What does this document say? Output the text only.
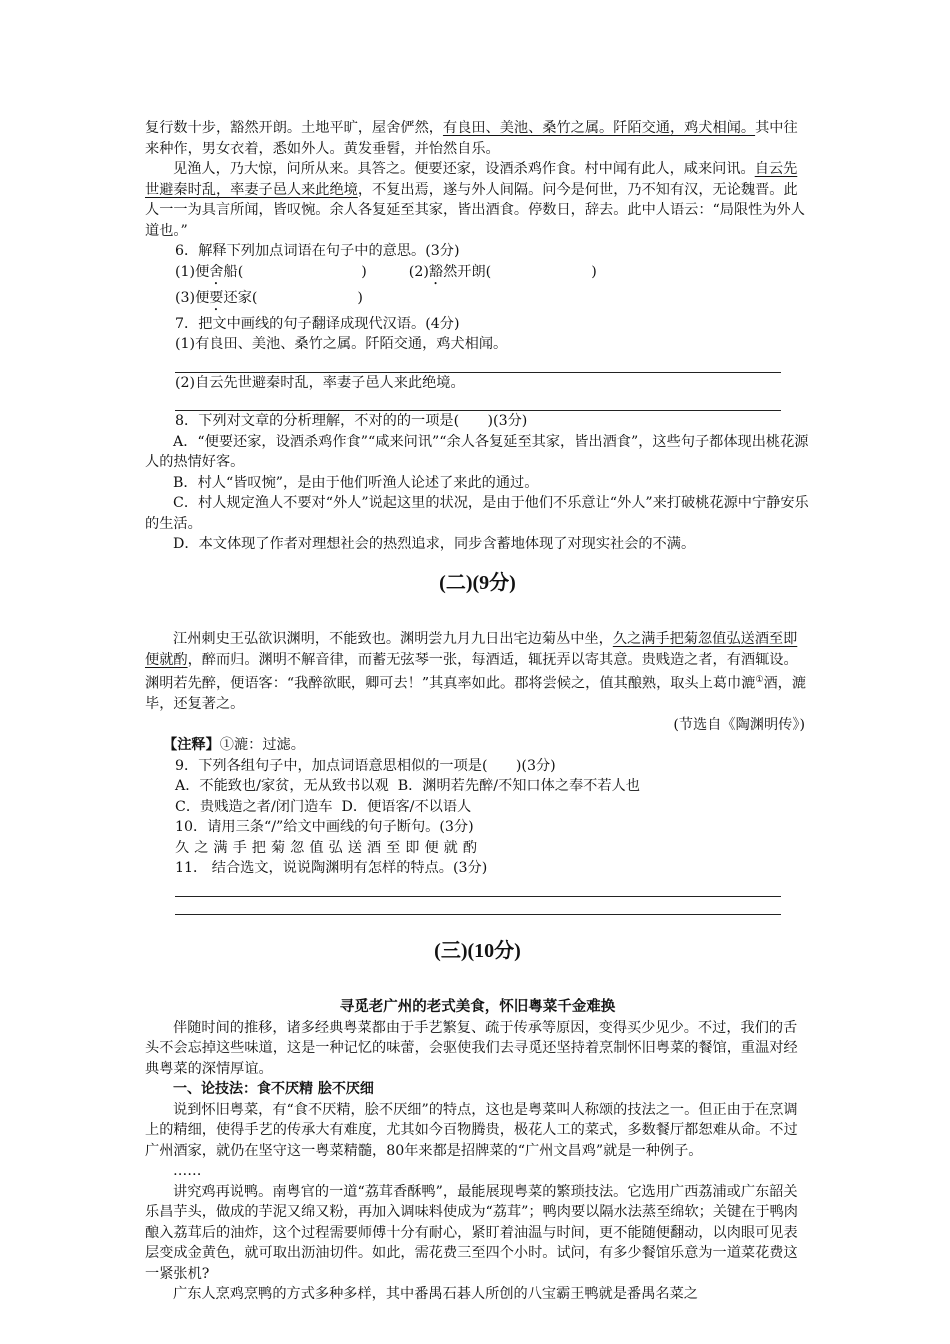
复行数十步，豁然开朗。土地平旷，屋舍俨然，有良田、美池、桑竹之属。阡陌交通，鸡犬相闻。其中往来种作，男女衣着，悉如外人。黄发垂髫，并怡然自乐。

见渔人，乃大惊，问所从来。具答之。便要还家，设酒杀鸡作食。村中闻有此人，咸来问讯。自云先世避秦时乱，率妻子邑人来此绝境，不复出焉，遂与外人间隔。问今是何世，乃不知有汉，无论魏晋。此人一一为具言所闻，皆叹惋。余人各复延至其家，皆出酒食。停数日，辞去。此中人语云：“局限性为外人道也。”

6．解释下列加点词语在句子中的意思。(3分)

(1)便舍船(	)	(2)豁然开朗(	)

(3)便要还家(	)

7．把文中画线的句子翻译成现代汉语。(4分)

(1)有良田、美池、桑竹之属。阡陌交通，鸡犬相闻。

(2)自云先世避秦时乱，率妻子邑人来此绝境。

8．下列对文章的分析理解，不对的的一项是(　　)(3分)

A．“便要还家，设酒杀鸡作食”“咸来问讯”“余人各复延至其家，皆出酒食”，这些句子都体现出桃花源人的热情好客。

B．村人“皆叹惋”，是由于他们听渔人论述了来此的通过。

C．村人规定渔人不要对“外人”说起这里的状况，是由于他们不乐意让“外人”来打破桃花源中宁静安乐的生活。

D．本文体现了作者对理想社会的热烈追求，同步含蓄地体现了对现实社会的不满。

(二)(9分)

江州刺史王弘欲识渊明，不能致也。渊明尝九月九日出宅边菊丛中坐，久之满手把菊忽值弘送酒至即便就酌，醉而归。渊明不解音律，而蓄无弦琴一张，每酒适，辄抚弄以寄其意。贵贱造之者，有酒辄设。渊明若先醉，便语客：“我醉欲眠，卿可去！”其真率如此。郡将尝候之，值其酿熟，取头上葛巾漉①酒，漉毕，还复著之。

(节选自《陶渊明传》)

【注释】①漉：过滤。

9．下列各组句子中，加点词语意思相似的一项是(　　)(3分)

A．不能致也/家贫，无从致书以观 B．渊明若先醉/不知口体之奉不若人也

C．贵贱造之者/闭门造车 D．便语客/不以语人

10．请用三条“/”给文中画线的句子断句。(3分)

久之满手把菊忽值弘送酒至即便就酌

11． 结合选文，说说陶渊明有怎样的特点。(3分)

(三)(10分)

寻觅老广州的老式美食，怀旧粤菜千金难换

伴随时间的推移，诸多经典粤菜都由于手艺繁复、疏于传承等原因，变得买少见少。不过，我们的舌头不会忘掉这些味道，这是一种记忆的味蕾，会驱使我们去寻觅还坚持着烹制怀旧粤菜的餐馆，重温对经典粤菜的深情厚谊。

一、论技法：食不厌精 脍不厌细

说到怀旧粤菜，有“食不厌精，脍不厌细”的特点，这也是粤菜叫人称颂的技法之一。但正由于在烹调上的精细，使得手艺的传承大有难度，尤其如今百物腾贵，极花人工的菜式，多数餐厅都恕难从命。不过广州酒家，就仍在坚守这一粤菜精髓，80年来都是招牌菜的“广州文昌鸡”就是一种例子。

……

讲究鸡再说鸭。南粤官的一道“荔茸香酥鸭”，最能展现粤菜的繁琐技法。它选用广西荔浦或广东韶关乐昌芋头，做成的芋泥又绵又粉，再加入调味料使成为“荔茸”；鸭肉要以隔水法蒸至绵软；关键在于鸭肉酿入荔茸后的油炸，这个过程需要师傅十分有耐心，紧盯着油温与时间，更不能随便翻动，以肉眼可见表层变成金黄色，就可取出沥油切件。如此，需花费三至四个小时。试问，有多少餐馆乐意为一道菜花费这一紧张机?

广东人烹鸡烹鸭的方式多种多样，其中番禺石碁人所创的八宝霸王鸭就是番禺名菜之
